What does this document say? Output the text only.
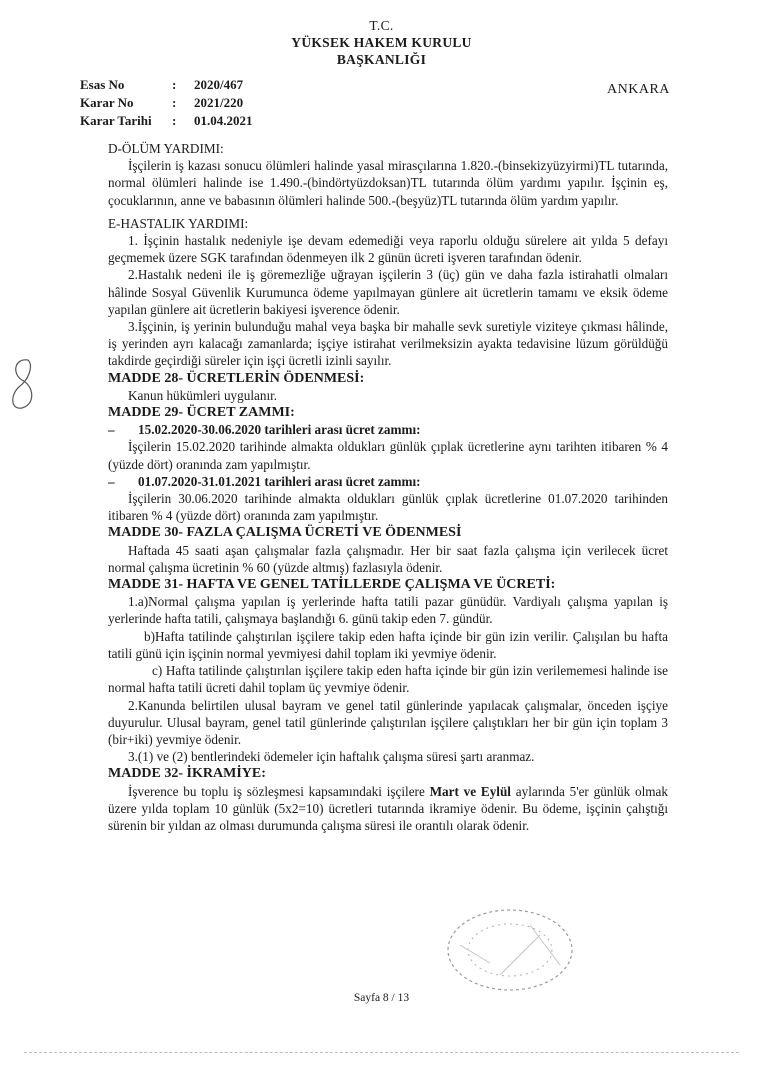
T.C.
YÜKSEK HAKEM KURULU
BAŞKANLIĞI
Esas No	:	2020/467
Karar No	:	2021/220
Karar Tarihi	:	01.04.2021
ANKARA

D-ÖLÜM YARDIMI:

İşçilerin iş kazası sonucu ölümleri halinde yasal mirasçılarına 1.820.-(binsekizyüzyirmi)TL tutarında, normal ölümleri halinde ise 1.490.-(bindörtyüzdoksan)TL tutarında ölüm yardımı yapılır. İşçinin eş, çocuklarının, anne ve babasının ölümleri halinde 500.-(beşyüz)TL tutarında ölüm yardım yapılır.

E-HASTALIK YARDIMI:

1. İşçinin hastalık nedeniyle işe devam edemediği veya raporlu olduğu sürelere ait yılda 5 defayı geçmemek üzere SGK tarafından ödenmeyen ilk 2 günün ücreti işveren tarafından ödenir.

2.Hastalık nedeni ile iş göremezliğe uğrayan işçilerin 3 (üç) gün ve daha fazla istirahatli olmaları hâlinde Sosyal Güvenlik Kurumunca ödeme yapılmayan günlere ait ücretlerin tamamı ve eksik ödeme yapılan günlere ait ücretlerin bakiyesi işverence ödenir.

3.İşçinin, iş yerinin bulunduğu mahal veya başka bir mahalle sevk suretiyle viziteye çıkması hâlinde, iş yerinden ayrı kalacağı zamanlarda; işçiye istirahat verilmeksizin ayakta tedavisine lüzum görüldüğü takdirde geçirdiği süreler için işçi ücretli izinli sayılır.

MADDE 28- ÜCRETLERİN ÖDENMESİ:

Kanun hükümleri uygulanır.

MADDE 29- ÜCRET ZAMMI:

– 15.02.2020-30.06.2020 tarihleri arası ücret zammı:

İşçilerin 15.02.2020 tarihinde almakta oldukları günlük çıplak ücretlerine aynı tarihten itibaren % 4 (yüzde dört) oranında zam yapılmıştır.

– 01.07.2020-31.01.2021 tarihleri arası ücret zammı:

İşçilerin 30.06.2020 tarihinde almakta oldukları günlük çıplak ücretlerine 01.07.2020 tarihinden itibaren % 4 (yüzde dört) oranında zam yapılmıştır.

MADDE 30- FAZLA ÇALIŞMA ÜCRETİ VE ÖDENMESİ

Haftada 45 saati aşan çalışmalar fazla çalışmadır. Her bir saat fazla çalışma için verilecek ücret normal çalışma ücretinin % 60 (yüzde altmış) fazlasıyla ödenir.

MADDE 31- HAFTA VE GENEL TATİLLERDE ÇALIŞMA VE ÜCRETİ:

1.a)Normal çalışma yapılan iş yerlerinde hafta tatili pazar günüdür. Vardiyalı çalışma yapılan iş yerlerinde hafta tatili, çalışmaya başlandığı 6. günü takip eden 7. gündür.

b)Hafta tatilinde çalıştırılan işçilere takip eden hafta içinde bir gün izin verilir. Çalışılan bu hafta tatili günü için işçinin normal yevmiyesi dahil toplam iki yevmiye ödenir.

c) Hafta tatilinde çalıştırılan işçilere takip eden hafta içinde bir gün izin verilememesi halinde ise normal hafta tatili ücreti dahil toplam üç yevmiye ödenir.

2.Kanunda belirtilen ulusal bayram ve genel tatil günlerinde yapılacak çalışmalar, önceden işçiye duyurulur. Ulusal bayram, genel tatil günlerinde çalıştırılan işçilere çalıştıkları her bir gün için toplam 3 (bir+iki) yevmiye ödenir.

3.(1) ve (2) bentlerindeki ödemeler için haftalık çalışma süresi şartı aranmaz.

MADDE 32- İKRAMİYE:

İşverence bu toplu iş sözleşmesi kapsamındaki işçilere Mart ve Eylül aylarında 5'er günlük olmak üzere yılda toplam 10 günlük (5x2=10) ücretleri tutarında ikramiye ödenir. Bu ödeme, işçinin çalıştığı sürenin bir yıldan az olması durumunda çalışma süresi ile orantılı olarak ödenir.

Sayfa 8 / 13
